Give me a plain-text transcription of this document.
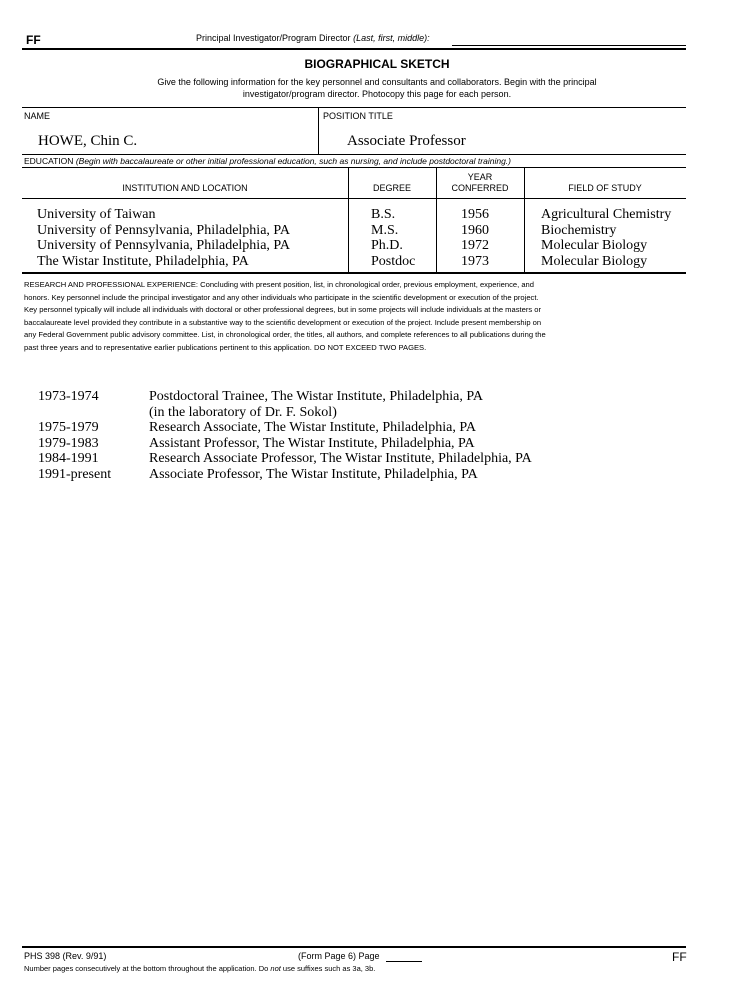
FF	Principal Investigator/Program Director (Last, first, middle):
BIOGRAPHICAL SKETCH
Give the following information for the key personnel and consultants and collaborators. Begin with the principal
investigator/program director. Photocopy this page for each person.
NAME	POSITION TITLE
HOWE, Chin C.	Associate Professor
EDUCATION (Begin with baccalaureate or other initial professional education, such as nursing, and include postdoctoral training.)
INSTITUTION AND LOCATION	DEGREE
YEAR
CONFERRED	FIELD OF STUDY
University of Taiwan	B.S.	1956	Agricultural Chemistry
University of Pennsylvania, Philadelphia, PA	M.S.	1960	Biochemistry
University of Pennsylvania, Philadelphia, PA	Ph.D.	1972	Molecular Biology
The Wistar Institute, Philadelphia, PA	Postdoc	1973	Molecular Biology
RESEARCH AND PROFESSIONAL EXPERIENCE: Concluding with present position, list, in chronological order, previous employment, experience, and
honors. Key personnel include the principal investigator and any other individuals who participate in the scientific development or execution of the project.
Key personnel typically will include all individuals with doctoral or other professional degrees, but in some projects will include individuals at the masters or
baccalaureate level provided they contribute in a substantive way to the scientific development or execution of the project. Include present membership on
any Federal Government public advisory committee. List, in chronological order, the titles, all authors, and complete references to all publications during the
past three years and to representative earlier publications pertinent to this application. DO NOT EXCEED TWO PAGES.
1973-1974	Postdoctoral Trainee, The Wistar Institute, Philadelphia, PA
(in the laboratory of Dr. F. Sokol)
1975-1979	Research Associate, The Wistar Institute, Philadelphia, PA
1979-1983	Assistant Professor, The Wistar Institute, Philadelphia, PA
1984-1991	Research Associate Professor, The Wistar Institute, Philadelphia, PA
1991-present	Associate Professor, The Wistar Institute, Philadelphia, PA
PHS 398 (Rev. 9/91)	(Form Page 6) Page	FF
Number pages consecutively at the bottom throughout the application. Do not use suffixes such as 3a, 3b.
